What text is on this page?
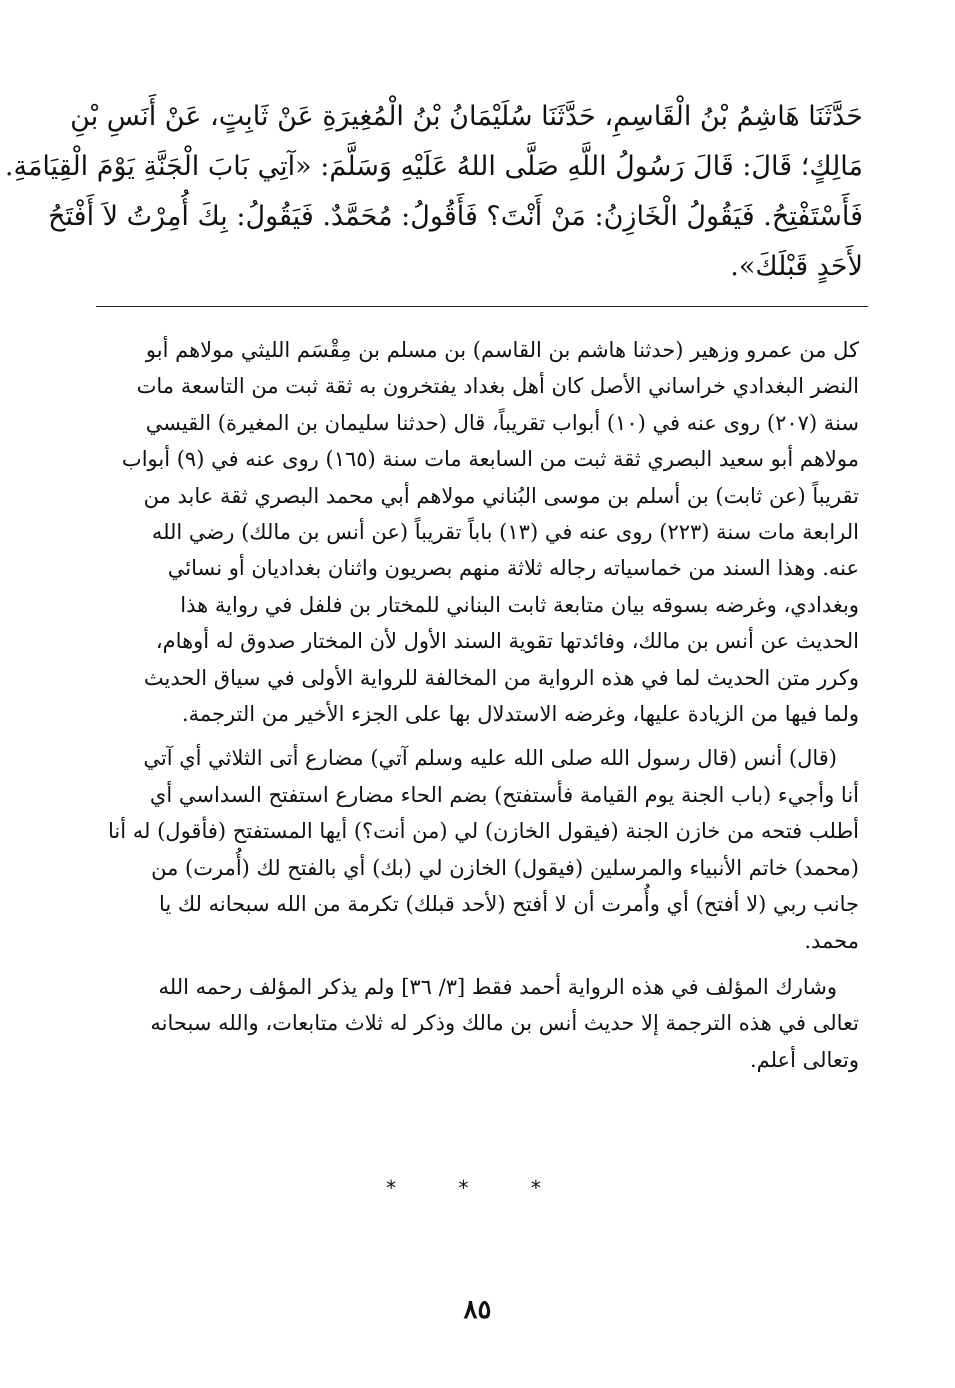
حَدَّثَنَا هَاشِمُ بْنُ الْقَاسِمِ، حَدَّثَنَا سُلَيْمَانُ بْنُ الْمُغِيرَةِ عَنْ ثَابِتٍ، عَنْ أَنَسِ بْنِ
مَالِكٍ؛ قَالَ: قَالَ رَسُولُ اللَّهِ صَلَّى اللهُ عَلَيْهِ وَسَلَّمَ: «آتِي بَابَ الْجَنَّةِ يَوْمَ الْقِيَامَةِ.
فَأَسْتَفْتِحُ. فَيَقُولُ الْخَازِنُ: مَنْ أَنْتَ؟ فَأَقُولُ: مُحَمَّدٌ. فَيَقُولُ: بِكَ أُمِرْتُ لاَ أَفْتَحُ
لأَحَدٍ قَبْلَكَ».
كل من عمرو وزهير (حدثنا هاشم بن القاسم) بن مسلم بن مِقْسَم الليثي مولاهم أبو
النضر البغدادي خراساني الأصل كان أهل بغداد يفتخرون به ثقة ثبت من التاسعة مات
سنة (٢٠٧) روى عنه في (١٠) أبواب تقريباً، قال (حدثنا سليمان بن المغيرة) القيسي
مولاهم أبو سعيد البصري ثقة ثبت من السابعة مات سنة (١٦٥) روى عنه في (٩) أبواب
تقريباً (عن ثابت) بن أسلم بن موسى البُناني مولاهم أبي محمد البصري ثقة عابد من
الرابعة مات سنة (٢٢٣) روى عنه في (١٣) باباً تقريباً (عن أنس بن مالك) رضي الله
عنه. وهذا السند من خماسياته رجاله ثلاثة منهم بصريون واثنان بغداديان أو نسائي
وبغدادي، وغرضه بسوقه بيان متابعة ثابت البناني للمختار بن فلفل في رواية هذا
الحديث عن أنس بن مالك، وفائدتها تقوية السند الأول لأن المختار صدوق له أوهام،
وكرر متن الحديث لما في هذه الرواية من المخالفة للرواية الأولى في سياق الحديث
ولما فيها من الزيادة عليها، وغرضه الاستدلال بها على الجزء الأخير من الترجمة.
(قال) أنس (قال رسول الله صلى الله عليه وسلم آتي) مضارع أتى الثلاثي أي آتي
أنا وأجيء (باب الجنة يوم القيامة فأستفتح) بضم الحاء مضارع استفتح السداسي أي
أطلب فتحه من خازن الجنة (فيقول الخازن) لي (من أنت؟) أيها المستفتح (فأقول) له أنا
(محمد) خاتم الأنبياء والمرسلين (فيقول) الخازن لي (بك) أي بالفتح لك (أُمرت) من
جانب ربي (لا أفتح) أي وأُمرت أن لا أفتح (لأحد قبلك) تكرمة من الله سبحانه لك يا
محمد.
وشارك المؤلف في هذه الرواية أحمد فقط [٣/ ٣٦] ولم يذكر المؤلف رحمه الله
تعالى في هذه الترجمة إلا حديث أنس بن مالك وذكر له ثلاث متابعات، والله سبحانه
وتعالى أعلم.
* * *
٨٥
